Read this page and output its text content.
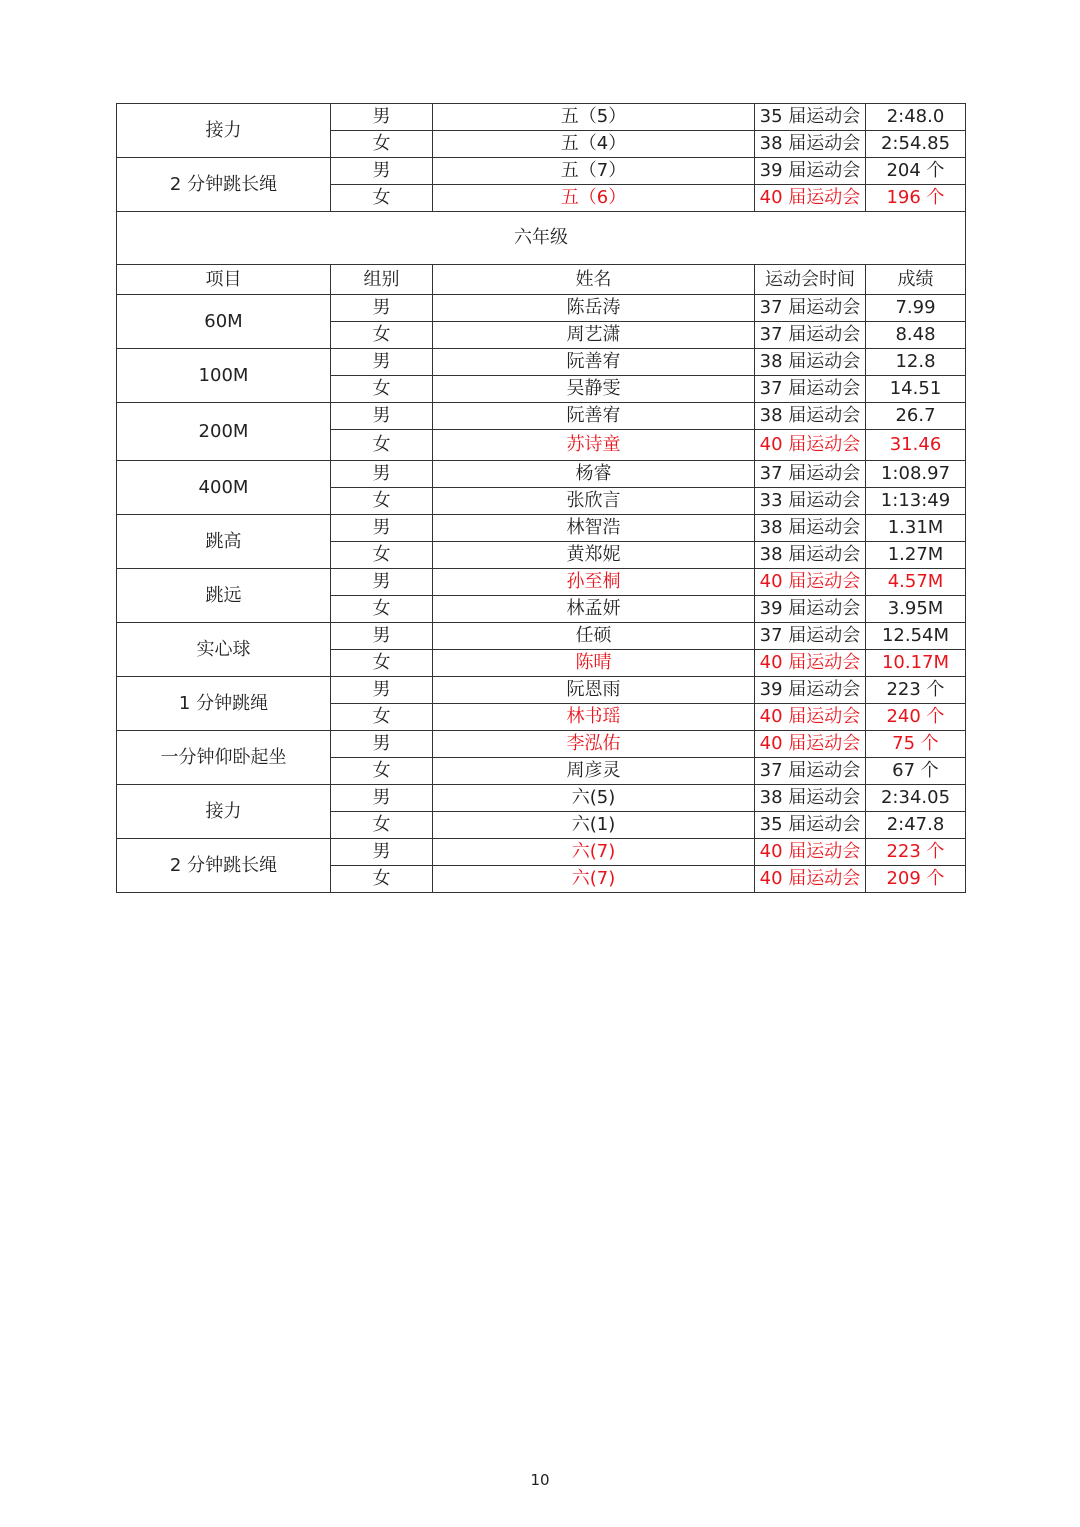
接力	男	五（5）	35 届运动会	2:48.0
	女	五（4）	38 届运动会	2:54.85
2 分钟跳长绳	男	五（7）	39 届运动会	204 个
	女	五（6）	40 届运动会	196 个
六年级				
项目	组别	姓名	运动会时间	成绩
60M	男	陈岳涛	37 届运动会	7.99
	女	周艺潇	37 届运动会	8.48
100M	男	阮善宥	38 届运动会	12.8
	女	吴静雯	37 届运动会	14.51
200M	男	阮善宥	38 届运动会	26.7
	女	苏诗童	40 届运动会	31.46
400M	男	杨睿	37 届运动会	1:08.97
	女	张欣言	33 届运动会	1:13:49
跳高	男	林智浩	38 届运动会	1.31M
	女	黄郑妮	38 届运动会	1.27M
跳远	男	孙至桐	40 届运动会	4.57M
	女	林孟妍	39 届运动会	3.95M
实心球	男	任硕	37 届运动会	12.54M
	女	陈晴	40 届运动会	10.17M
1 分钟跳绳	男	阮恩雨	39 届运动会	223 个
	女	林书瑶	40 届运动会	240 个
一分钟仰卧起坐	男	李泓佑	40 届运动会	75 个
	女	周彦灵	37 届运动会	67 个
接力	男	六(5)	38 届运动会	2:34.05
	女	六(1)	35 届运动会	2:47.8
2 分钟跳长绳	男	六(7)	40 届运动会	223 个
	女	六(7)	40 届运动会	209 个
10
